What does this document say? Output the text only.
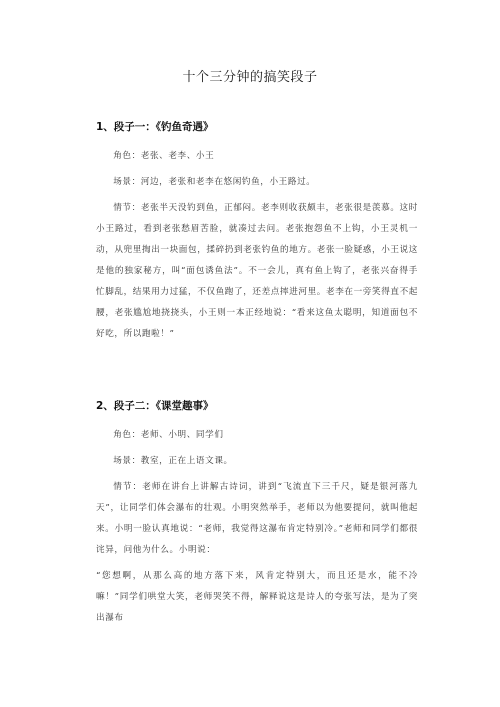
十个三分钟的搞笑段子
1、段子一：《钓鱼奇遇》

角色：老张、老李、小王

场景：河边，老张和老李在悠闲钓鱼，小王路过。

情节：老张半天没钓到鱼，正郁闷。老李则收获颇丰，老张很是羡慕。这时小王路过，看到老张愁眉苦脸，就凑过去问。老张抱怨鱼不上钩，小王灵机一动，从兜里掏出一块面包，揉碎扔到老张钓鱼的地方。老张一脸疑惑，小王说这是他的独家秘方，叫“面包诱鱼法”。不一会儿，真有鱼上钩了，老张兴奋得手忙脚乱，结果用力过猛，不仅鱼跑了，还差点摔进河里。老李在一旁笑得直不起腰，老张尴尬地挠挠头，小王则一本正经地说：“看来这鱼太聪明，知道面包不好吃，所以跑啦！”

2、段子二：《课堂趣事》

角色：老师、小明、同学们

场景：教室，正在上语文课。

情节：老师在讲台上讲解古诗词，讲到“飞流直下三千尺，疑是银河落九天”，让同学们体会瀑布的壮观。小明突然举手，老师以为他要提问，就叫他起来。小明一脸认真地说：“老师，我觉得这瀑布肯定特别冷。”老师和同学们都很诧异，问他为什么。小明说：

“您想啊，从那么高的地方落下来，风肯定特别大，而且还是水，能不冷嘛！”同学们哄堂大笑，老师哭笑不得，解释说这是诗人的夸张写法，是为了突出瀑布
